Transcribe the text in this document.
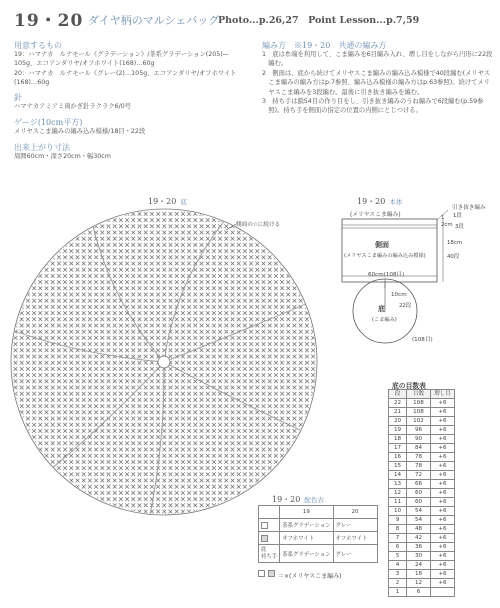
19・20 ダイヤ柄のマルシェバッグ
Photo...p.26,27　Point Lesson...p.7,59
用意するもの
19：ハマナカ　ルナモール《グラデーション》/茶系グラデーション(205)—
105g、エコアンダリヤ/オフホワイト(168)…60g
20：ハマナカ　ルナモール《グレー(2)…105g、エコアンダリヤ/オフホワイト
(168)…60g
針
ハマナカアミアミ両かぎ針ラクラク6/0号
ゲージ(10cm平方)
メリヤスこま編みの編み込み模様/18目・22段
出来上がり寸法
周囲60cm・深さ20cm・幅30cm
編み方　※19・20　共通の編み方
1　底は糸端を利用して、こま編みを6目編み入れ、増し目をしながら円形に22段
　編む。
2　側面は、底から続けてメリヤスこま編みの編み込み模様で40段編む(メリヤス
　こま編みの編み方はp.7参照、編み込み模様の編み方はp.63参照)。続けてメリ
　ヤスこま編みを3段編む。最後に引き抜き編みを編む。
3　持ち手は鎖54目の作り目をし、引き抜き編みのうね編みで6段編む(p.59参
　照)。持ち手を側面の指定の位置の内側にとじつける。
19・20 底
側面の☆に続ける
19・20 本体
(メリヤスこま編み)
引き抜き編み
1段
1
2cm 3段
18cm
40段
側面
(メリヤスこま編みの編み込み模様)
60cm(108目)
10cm
22段
底
(こま編み)
(108目)
底の目数表
段	目数	増し目
22	108	+6
21	108	+6
20	102	+6
19	96	+6
18	90	+6
17	84	+6
16	78	+6
15	78	+6
14	72	+6
13	66	+6
12	60	+6
11	60	+6
10	54	+6
9	54	+6
8	48	+6
7	42	+6
6	36	+6
5	30	+6
4	24	+6
3	18	+6
2	12	+6
1	6	
19・20 配色表
	19	20
	茶系グラデーション	グレー
	オフホワイト	オフホワイト
底
持ち手	茶系グラデーション	グレー
＝×(メリヤスこま編み)
